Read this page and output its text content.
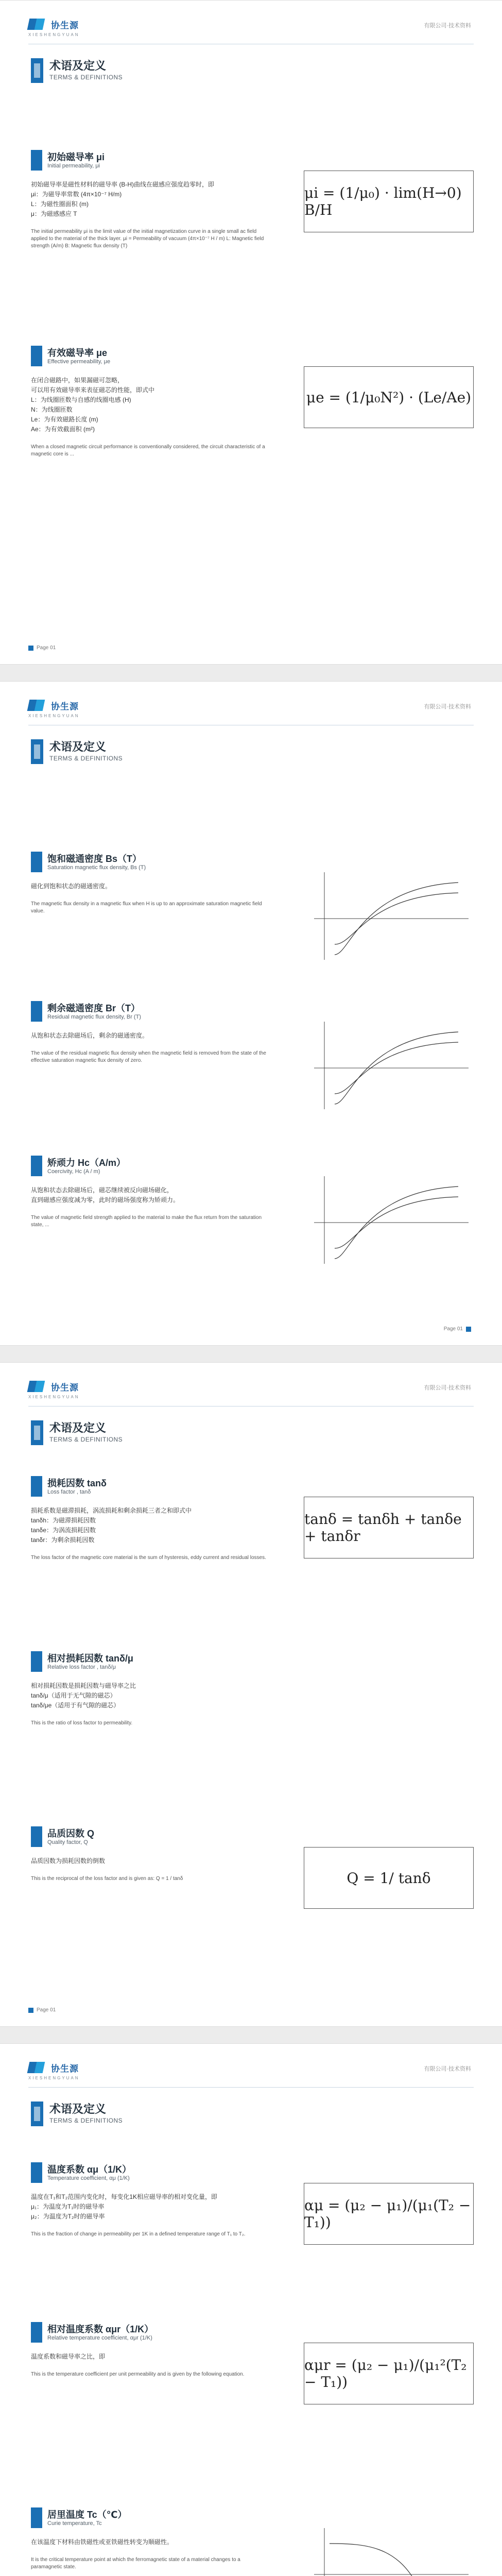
协生源
XIESHENGYUAN
有限公司·技术资料
术语及定义
TERMS & DEFINITIONS
初始磁导率 μi
Initial permeability, μi

初始磁导率是磁性材料的磁导率 (B-H)曲线在磁感应强度趋零时，即

μi：为磁导率常数 (4π×10⁻⁷ H/m)

L：为磁性圈面积 (m)

μ：为磁感感应 T

The initial permeability μi is the limit value of the initial magnetization curve in a single small ac field applied to the material of the thick layer. μi = Permeability of vacuum (4π×10⁻⁷ H / m) L: Magnetic field strength (A/m) B: Magnetic flux density (T)
μi = (1/μ₀) · lim(H→0) B/H
有效磁导率 μe
Effective permeability, μe

在闭合磁路中，如果漏磁可忽略，

可以用有效磁导率来表征磁芯的性能，即式中

L：为线圈匝数与自感的线圈电感 (H)

N：为线圈匝数

Le：为有效磁路长度 (m)

Ae：为有效截面积 (m²)

When a closed magnetic circuit performance is conventionally considered, the circuit characteristic of a magnetic core is ...
μe = (1/μ₀N²) · (Le/Ae)
Page 01
协生源
XIESHENGYUAN
有限公司·技术资料
术语及定义
TERMS & DEFINITIONS
饱和磁通密度 Bs（T）
Saturation magnetic flux density, Bs (T)

磁化到饱和状态的磁通密度。

The magnetic flux density in a magnetic flux when H is up to an approximate saturation magnetic field value.
剩余磁通密度 Br（T）
Residual magnetic flux density, Br (T)

从饱和状态去除磁场后，剩余的磁通密度。

The value of the residual magnetic flux density when the magnetic field is removed from the state of the effective saturation magnetic flux density of zero.
矫顽力 Hc（A/m）
Coercivity, Hc (A / m)

从饱和状态去除磁场后，磁芯继续被反向磁场磁化，

直到磁感应强度减为零，此时的磁场强度称为矫顽力。

The value of magnetic field strength applied to the material to make the flux return from the saturation state, ...
Page 01
协生源
XIESHENGYUAN
有限公司·技术资料
术语及定义
TERMS & DEFINITIONS
损耗因数 tanδ
Loss factor , tanδ

损耗系数是磁滞损耗，涡流损耗和剩余损耗三者之和即式中

tanδh：为磁滞损耗因数

tanδe：为涡流损耗因数

tanδr：为剩余损耗因数

The loss factor of the magnetic core material is the sum of hysteresis, eddy current and residual losses.
tanδ = tanδh + tanδe + tanδr
相对损耗因数 tanδ/μ
Relative loss factor , tanδ/μ

相对损耗因数是损耗因数与磁导率之比

tanδ/μ（适用于无气隙的磁芯）

tanδ/μe（适用于有气隙的磁芯）

This is the ratio of loss factor to permeability.
品质因数 Q
Quality factor, Q

品质因数为损耗因数的倒数

This is the reciprocal of the loss factor and is given as: Q = 1 / tanδ	Q = 1/ tanδ
Page 01
协生源
XIESHENGYUAN
有限公司·技术资料
术语及定义
TERMS & DEFINITIONS
温度系数 αμ（1/K）
Temperature coefficient, αμ (1/K)

温度在T₁和T₂范围内变化时，每变化1K相应磁导率的相对变化量，即

μ₁：为温度为T₁时的磁导率

μ₂：为温度为T₂时的磁导率

This is the fraction of change in permeability per 1K in a defined temperature range of T₁ to T₂.
αμ = (μ₂ − μ₁)/(μ₁(T₂ − T₁))
相对温度系数 αμr（1/K）
Relative temperature coefficient, αμr (1/K)

温度系数和磁导率之比，即

This is the temperature coefficient per unit permeability and is given by the following equation.
αμr = (μ₂ − μ₁)/(μ₁²(T₂ − T₁))
居里温度 Tc（℃）
Curie temperature, Tc

在该温度下材料由铁磁性或亚铁磁性转变为顺磁性。

It is the critical temperature point at which the ferromagnetic state of a material changes to a paramagnetic state.
